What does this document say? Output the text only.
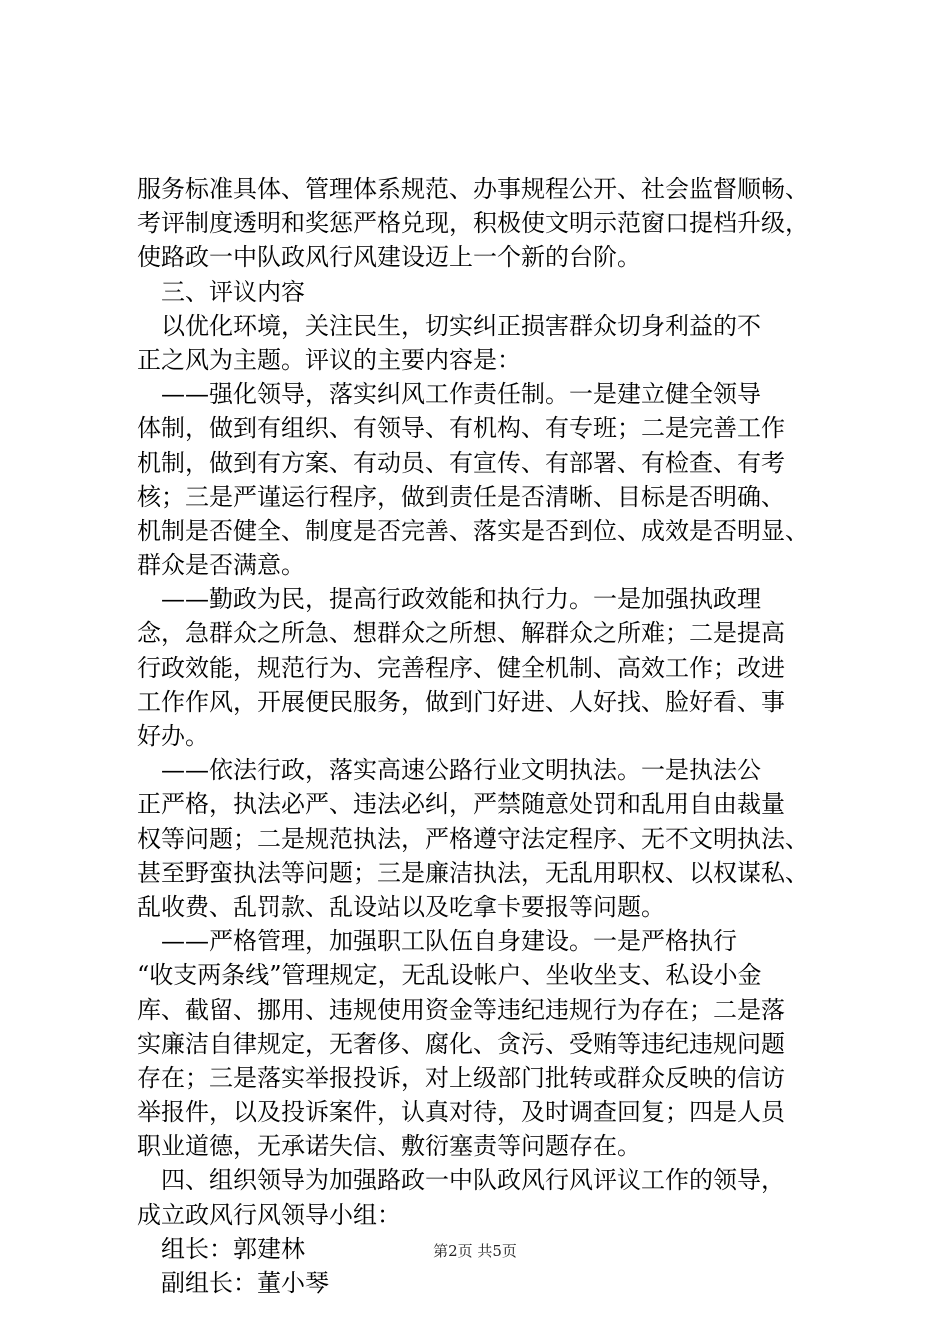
服务标准具体、管理体系规范、办事规程公开、社会监督顺畅、
考评制度透明和奖惩严格兑现，积极使文明示范窗口提档升级，
使路政一中队政风行风建设迈上一个新的台阶。
　三、评议内容
　以优化环境，关注民生，切实纠正损害群众切身利益的不
正之风为主题。评议的主要内容是：
　——强化领导，落实纠风工作责任制。一是建立健全领导
体制，做到有组织、有领导、有机构、有专班；二是完善工作
机制，做到有方案、有动员、有宣传、有部署、有检查、有考
核；三是严谨运行程序，做到责任是否清晰、目标是否明确、
机制是否健全、制度是否完善、落实是否到位、成效是否明显、
群众是否满意。
　——勤政为民，提高行政效能和执行力。一是加强执政理
念，急群众之所急、想群众之所想、解群众之所难；二是提高
行政效能，规范行为、完善程序、健全机制、高效工作；改进
工作作风，开展便民服务，做到门好进、人好找、脸好看、事
好办。
　——依法行政，落实高速公路行业文明执法。一是执法公
正严格，执法必严、违法必纠，严禁随意处罚和乱用自由裁量
权等问题；二是规范执法，严格遵守法定程序、无不文明执法、
甚至野蛮执法等问题；三是廉洁执法，无乱用职权、以权谋私、
乱收费、乱罚款、乱设站以及吃拿卡要报等问题。
　——严格管理，加强职工队伍自身建设。一是严格执行
“收支两条线”管理规定，无乱设帐户、坐收坐支、私设小金
库、截留、挪用、违规使用资金等违纪违规行为存在；二是落
实廉洁自律规定，无奢侈、腐化、贪污、受贿等违纪违规问题
存在；三是落实举报投诉，对上级部门批转或群众反映的信访
举报件，以及投诉案件，认真对待，及时调查回复；四是人员
职业道德，无承诺失信、敷衍塞责等问题存在。
　四、组织领导为加强路政一中队政风行风评议工作的领导，
成立政风行风领导小组：
　组长：郭建林
　副组长：董小琴
第2页 共5页
